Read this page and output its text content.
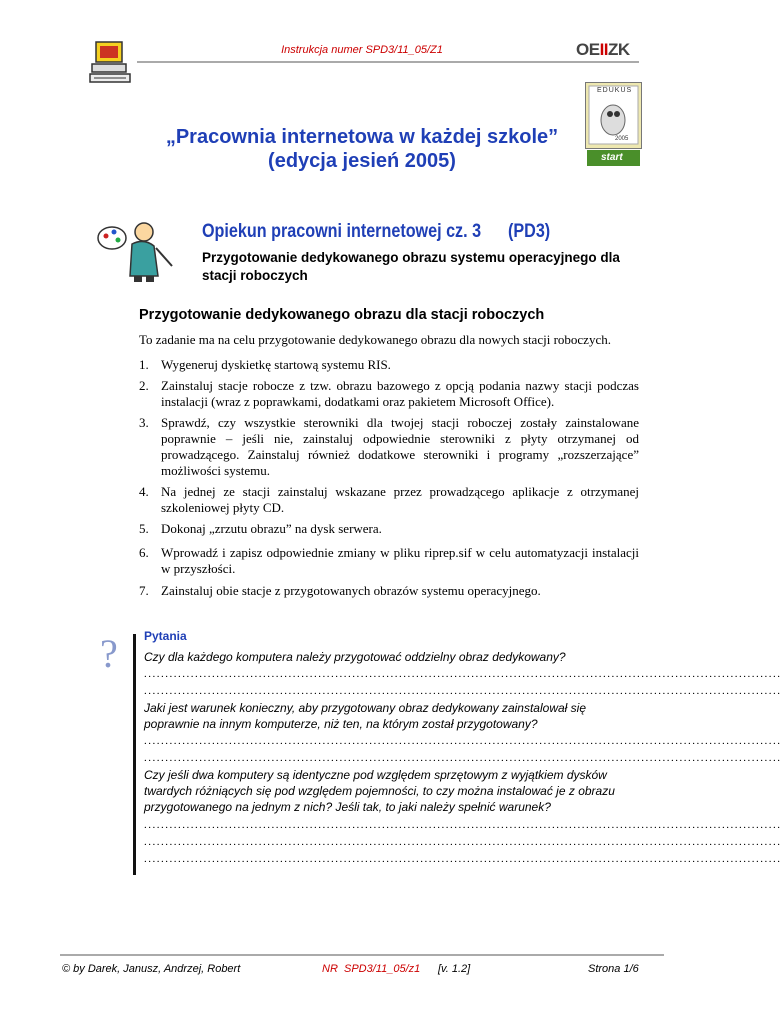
Instrukcja numer SPD3/11_05/Z1	OEIIZK
EDUKUS
2005
start
„Pracownia internetowa w każdej szkole”
(edycja jesień 2005)
Opiekun pracowni internetowej cz. 3      (PD3)
Przygotowanie dedykowanego obrazu systemu operacyjnego dla stacji roboczych
Przygotowanie dedykowanego obrazu dla stacji roboczych
To zadanie ma na celu przygotowanie dedykowanego obrazu dla nowych stacji roboczych.
1. Wygeneruj dyskietkę startową systemu RIS.
2. Zainstaluj stacje robocze z tzw. obrazu bazowego z opcją podania nazwy stacji podczas instalacji (wraz z poprawkami, dodatkami oraz pakietem Microsoft Office).
3. Sprawdź, czy wszystkie sterowniki dla twojej stacji roboczej zostały zainstalowane poprawnie – jeśli nie, zainstaluj odpowiednie sterowniki z płyty otrzymanej od prowadzącego. Zainstaluj również dodatkowe sterowniki i programy „rozszerzające” możliwości systemu.
4. Na jednej ze stacji zainstaluj wskazane przez prowadzącego aplikacje z otrzymanej szkoleniowej płyty CD.
5. Dokonaj „zrzutu obrazu” na dysk serwera.
6. Wprowadź i zapisz odpowiednie zmiany w pliku riprep.sif w celu automatyzacji instalacji w przyszłości.
7. Zainstaluj obie stacje z przygotowanych obrazów systemu operacyjnego.
? Pytania
Czy dla każdego komputera należy przygotować oddzielny obraz dedykowany?
......................................................................................................................................................
......................................................................................................................................................
Jaki jest warunek konieczny, aby przygotowany obraz dedykowany zainstalował się poprawnie na innym komputerze, niż ten, na którym został przygotowany?
......................................................................................................................................................
......................................................................................................................................................
Czy jeśli dwa komputery są identyczne pod względem sprzętowym z wyjątkiem dysków twardych różniących się pod względem pojemności, to czy można instalować je z obrazu przygotowanego na jednym z nich? Jeśli tak, to jaki należy spełnić warunek?
......................................................................................................................................................
......................................................................................................................................................
......................................................................................................................................................
© by Darek, Janusz, Andrzej, Robert	NR  SPD3/11_05/z1 [v. 1.2]	Strona 1/6
